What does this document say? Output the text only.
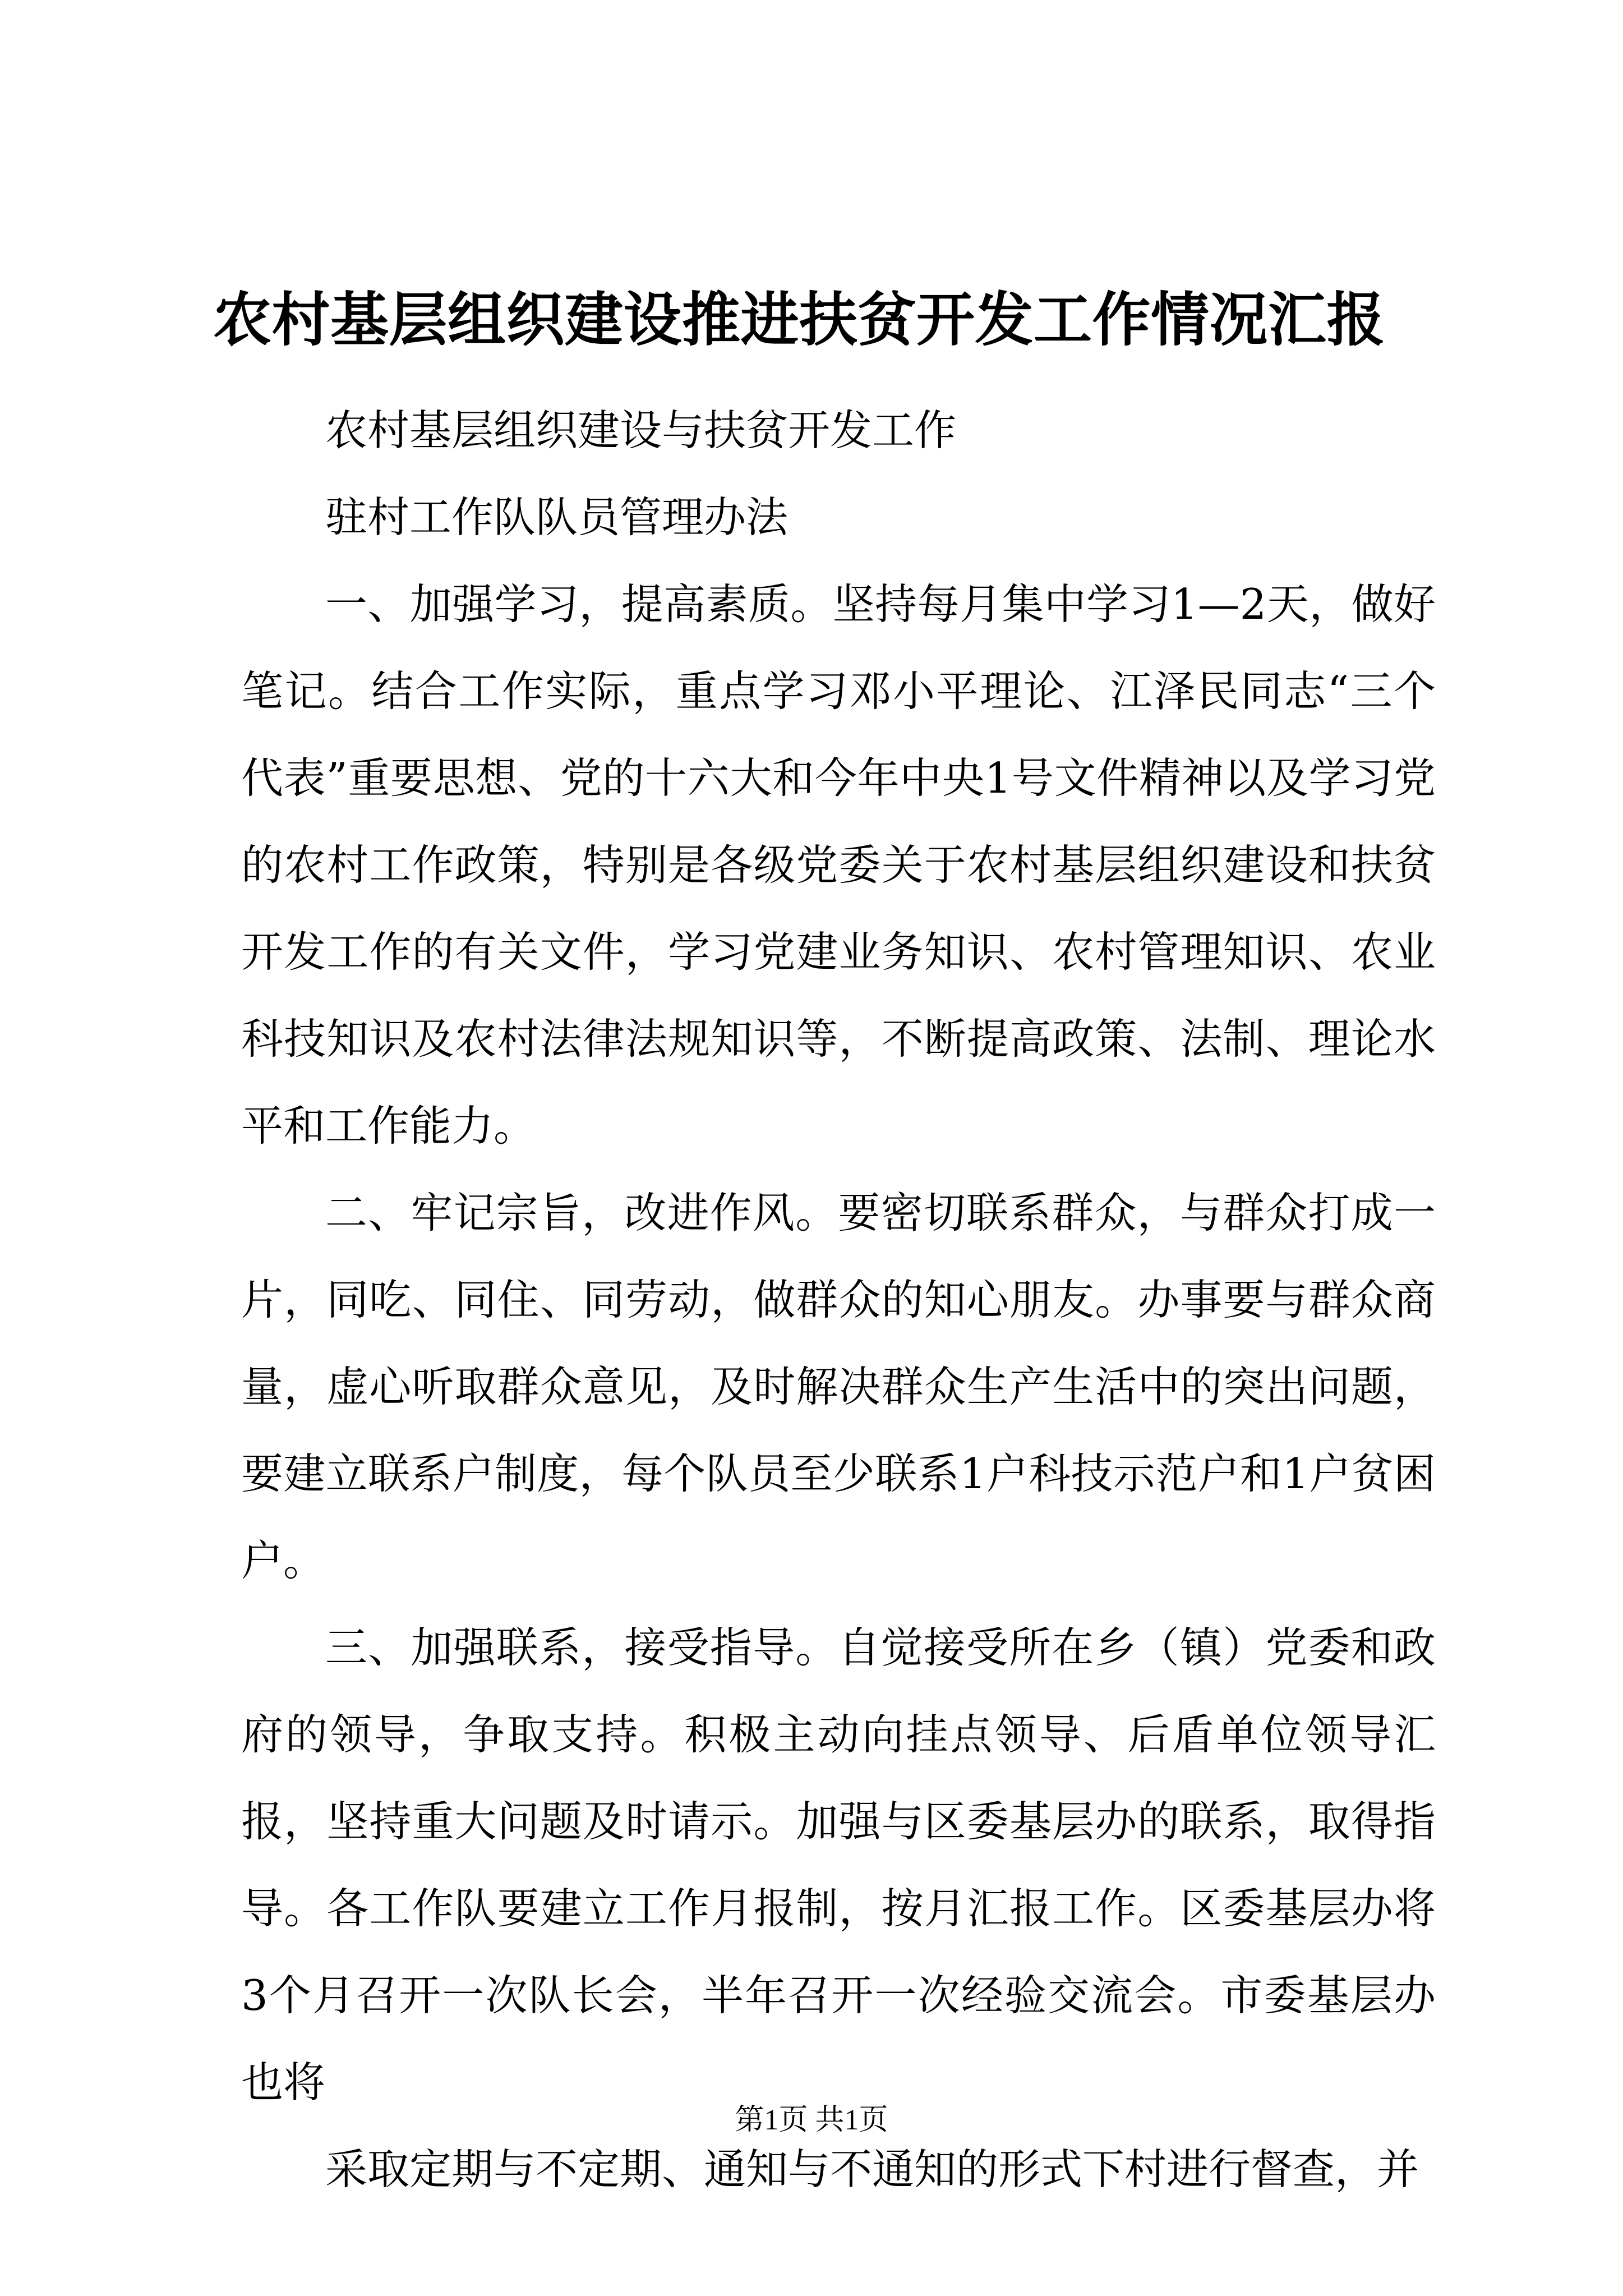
农村基层组织建设推进扶贫开发工作情况汇报

农村基层组织建设与扶贫开发工作

驻村工作队队员管理办法

一、加强学习，提高素质。坚持每月集中学习1—2天，做好笔记。结合工作实际，重点学习邓小平理论、江泽民同志“三个代表”重要思想、党的十六大和今年中央1号文件精神以及学习党的农村工作政策，特别是各级党委关于农村基层组织建设和扶贫开发工作的有关文件，学习党建业务知识、农村管理知识、农业科技知识及农村法律法规知识等，不断提高政策、法制、理论水平和工作能力。

二、牢记宗旨，改进作风。要密切联系群众，与群众打成一片，同吃、同住、同劳动，做群众的知心朋友。办事要与群众商量，虚心听取群众意见，及时解决群众生产生活中的突出问题，要建立联系户制度，每个队员至少联系1户科技示范户和1户贫困户。

三、加强联系，接受指导。自觉接受所在乡（镇）党委和政府的领导，争取支持。积极主动向挂点领导、后盾单位领导汇报，坚持重大问题及时请示。加强与区委基层办的联系，取得指导。各工作队要建立工作月报制，按月汇报工作。区委基层办将3个月召开一次队长会，半年召开一次经验交流会。市委基层办也将

采取定期与不定期、通知与不通知的形式下村进行督查，并

第1页 共1页
